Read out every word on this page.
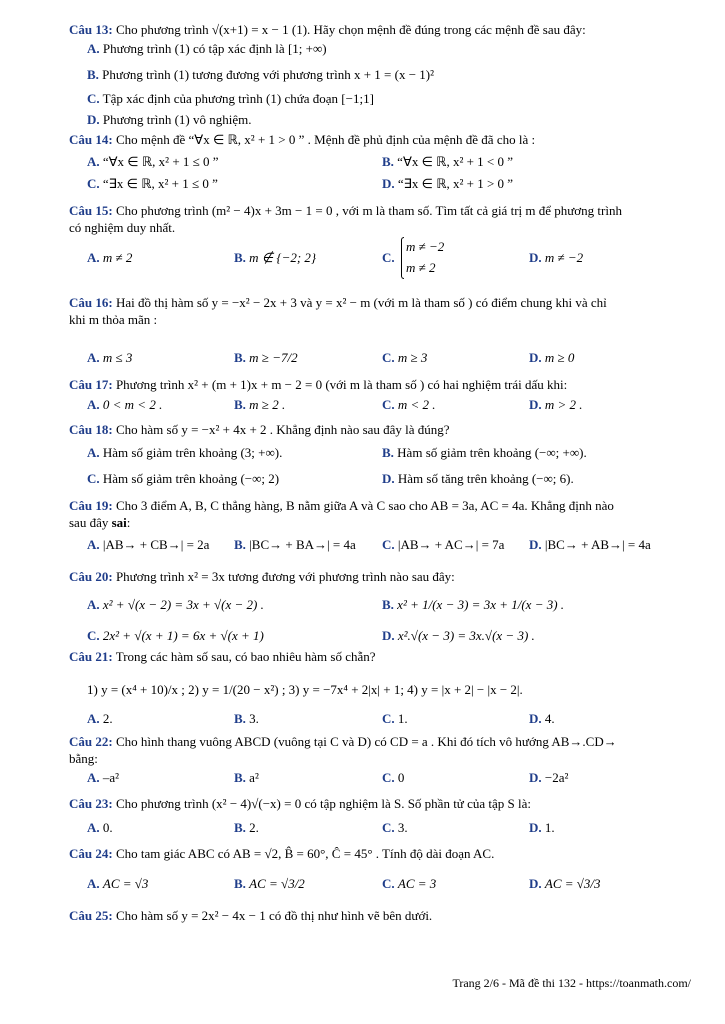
Câu 13: Cho phương trình √(x+1) = x − 1 (1). Hãy chọn mệnh đề đúng trong các mệnh đề sau đây:
A. Phương trình (1) có tập xác định là [1; +∞)
B. Phương trình (1) tương đương với phương trình x + 1 = (x − 1)²
C. Tập xác định của phương trình (1) chứa đoạn [−1;1]
D. Phương trình (1) vô nghiệm.
Câu 14: Cho mệnh đề “∀x ∈ ℝ, x² + 1 > 0 ” . Mệnh đề phủ định của mệnh đề đã cho là :
A. “∀x ∈ ℝ, x² + 1 ≤ 0 ”	B. “∀x ∈ ℝ, x² + 1 < 0 ”
C. “∃x ∈ ℝ, x² + 1 ≤ 0 ”	D. “∃x ∈ ℝ, x² + 1 > 0 ”
Câu 15: Cho phương trình (m² − 4)x + 3m − 1 = 0 , với m là tham số. Tìm tất cả giá trị m để phương trình
có nghiệm duy nhất.
A. m ≠ 2	B. m ∉ {−2; 2}	C.
m ≠ −2
m ≠ 2
D. m ≠ −2
Câu 16: Hai đồ thị hàm số y = −x² − 2x + 3 và y = x² − m (với m là tham số ) có điểm chung khi và chỉ
khi m thỏa mãn :
A. m ≤ 3	B. m ≥ −7/2	C. m ≥ 3	D. m ≥ 0
Câu 17: Phương trình x² + (m + 1)x + m − 2 = 0 (với m là tham số ) có hai nghiệm trái dấu khi:
A. 0 < m < 2 .	B. m ≥ 2 .	C. m < 2 .	D. m > 2 .
Câu 18: Cho hàm số y = −x² + 4x + 2 . Khẳng định nào sau đây là đúng?
A. Hàm số giảm trên khoảng (3; +∞).	B. Hàm số giảm trên khoảng (−∞; +∞).
C. Hàm số giảm trên khoảng (−∞; 2)	D. Hàm số tăng trên khoảng (−∞; 6).
Câu 19: Cho 3 điểm A, B, C thẳng hàng, B nằm giữa A và C sao cho AB = 3a, AC = 4a. Khẳng định nào
sau đây sai:
A. |AB→ + CB→| = 2a B. |BC→ + BA→| = 4a C. |AB→ + AC→| = 7a D. |BC→ + AB→| = 4a
Câu 20: Phương trình x² = 3x tương đương với phương trình nào sau đây:
A. x² + √(x − 2) = 3x + √(x − 2) .	B. x² + 1/(x − 3) = 3x + 1/(x − 3) .
C. 2x² + √(x + 1) = 6x + √(x + 1)	D. x².√(x − 3) = 3x.√(x − 3) .
Câu 21: Trong các hàm số sau, có bao nhiêu hàm số chẵn?
1) y = (x⁴ + 10)/x ; 2) y = 1/(20 − x²) ; 3) y = −7x⁴ + 2|x| + 1; 4) y = |x + 2| − |x − 2|.
A. 2.	B. 3.	C. 1.	D. 4.
Câu 22: Cho hình thang vuông ABCD (vuông tại C và D) có CD = a . Khi đó tích vô hướng AB→.CD→
bằng:
A. –a²	B. a²	C. 0	D. −2a²
Câu 23: Cho phương trình (x² − 4)√(−x) = 0 có tập nghiệm là S. Số phần tử của tập S là:
A. 0.	B. 2.	C. 3.	D. 1.
Câu 24: Cho tam giác ABC có AB = √2, B̂ = 60°, Ĉ = 45° . Tính độ dài đoạn AC.
A. AC = √3	B. AC = √3/2	C. AC = 3	D. AC = √3/3
Câu 25: Cho hàm số y = 2x² − 4x − 1 có đồ thị như hình vẽ bên dưới.
Trang 2/6 - Mã đề thi 132 - https://toanmath.com/
